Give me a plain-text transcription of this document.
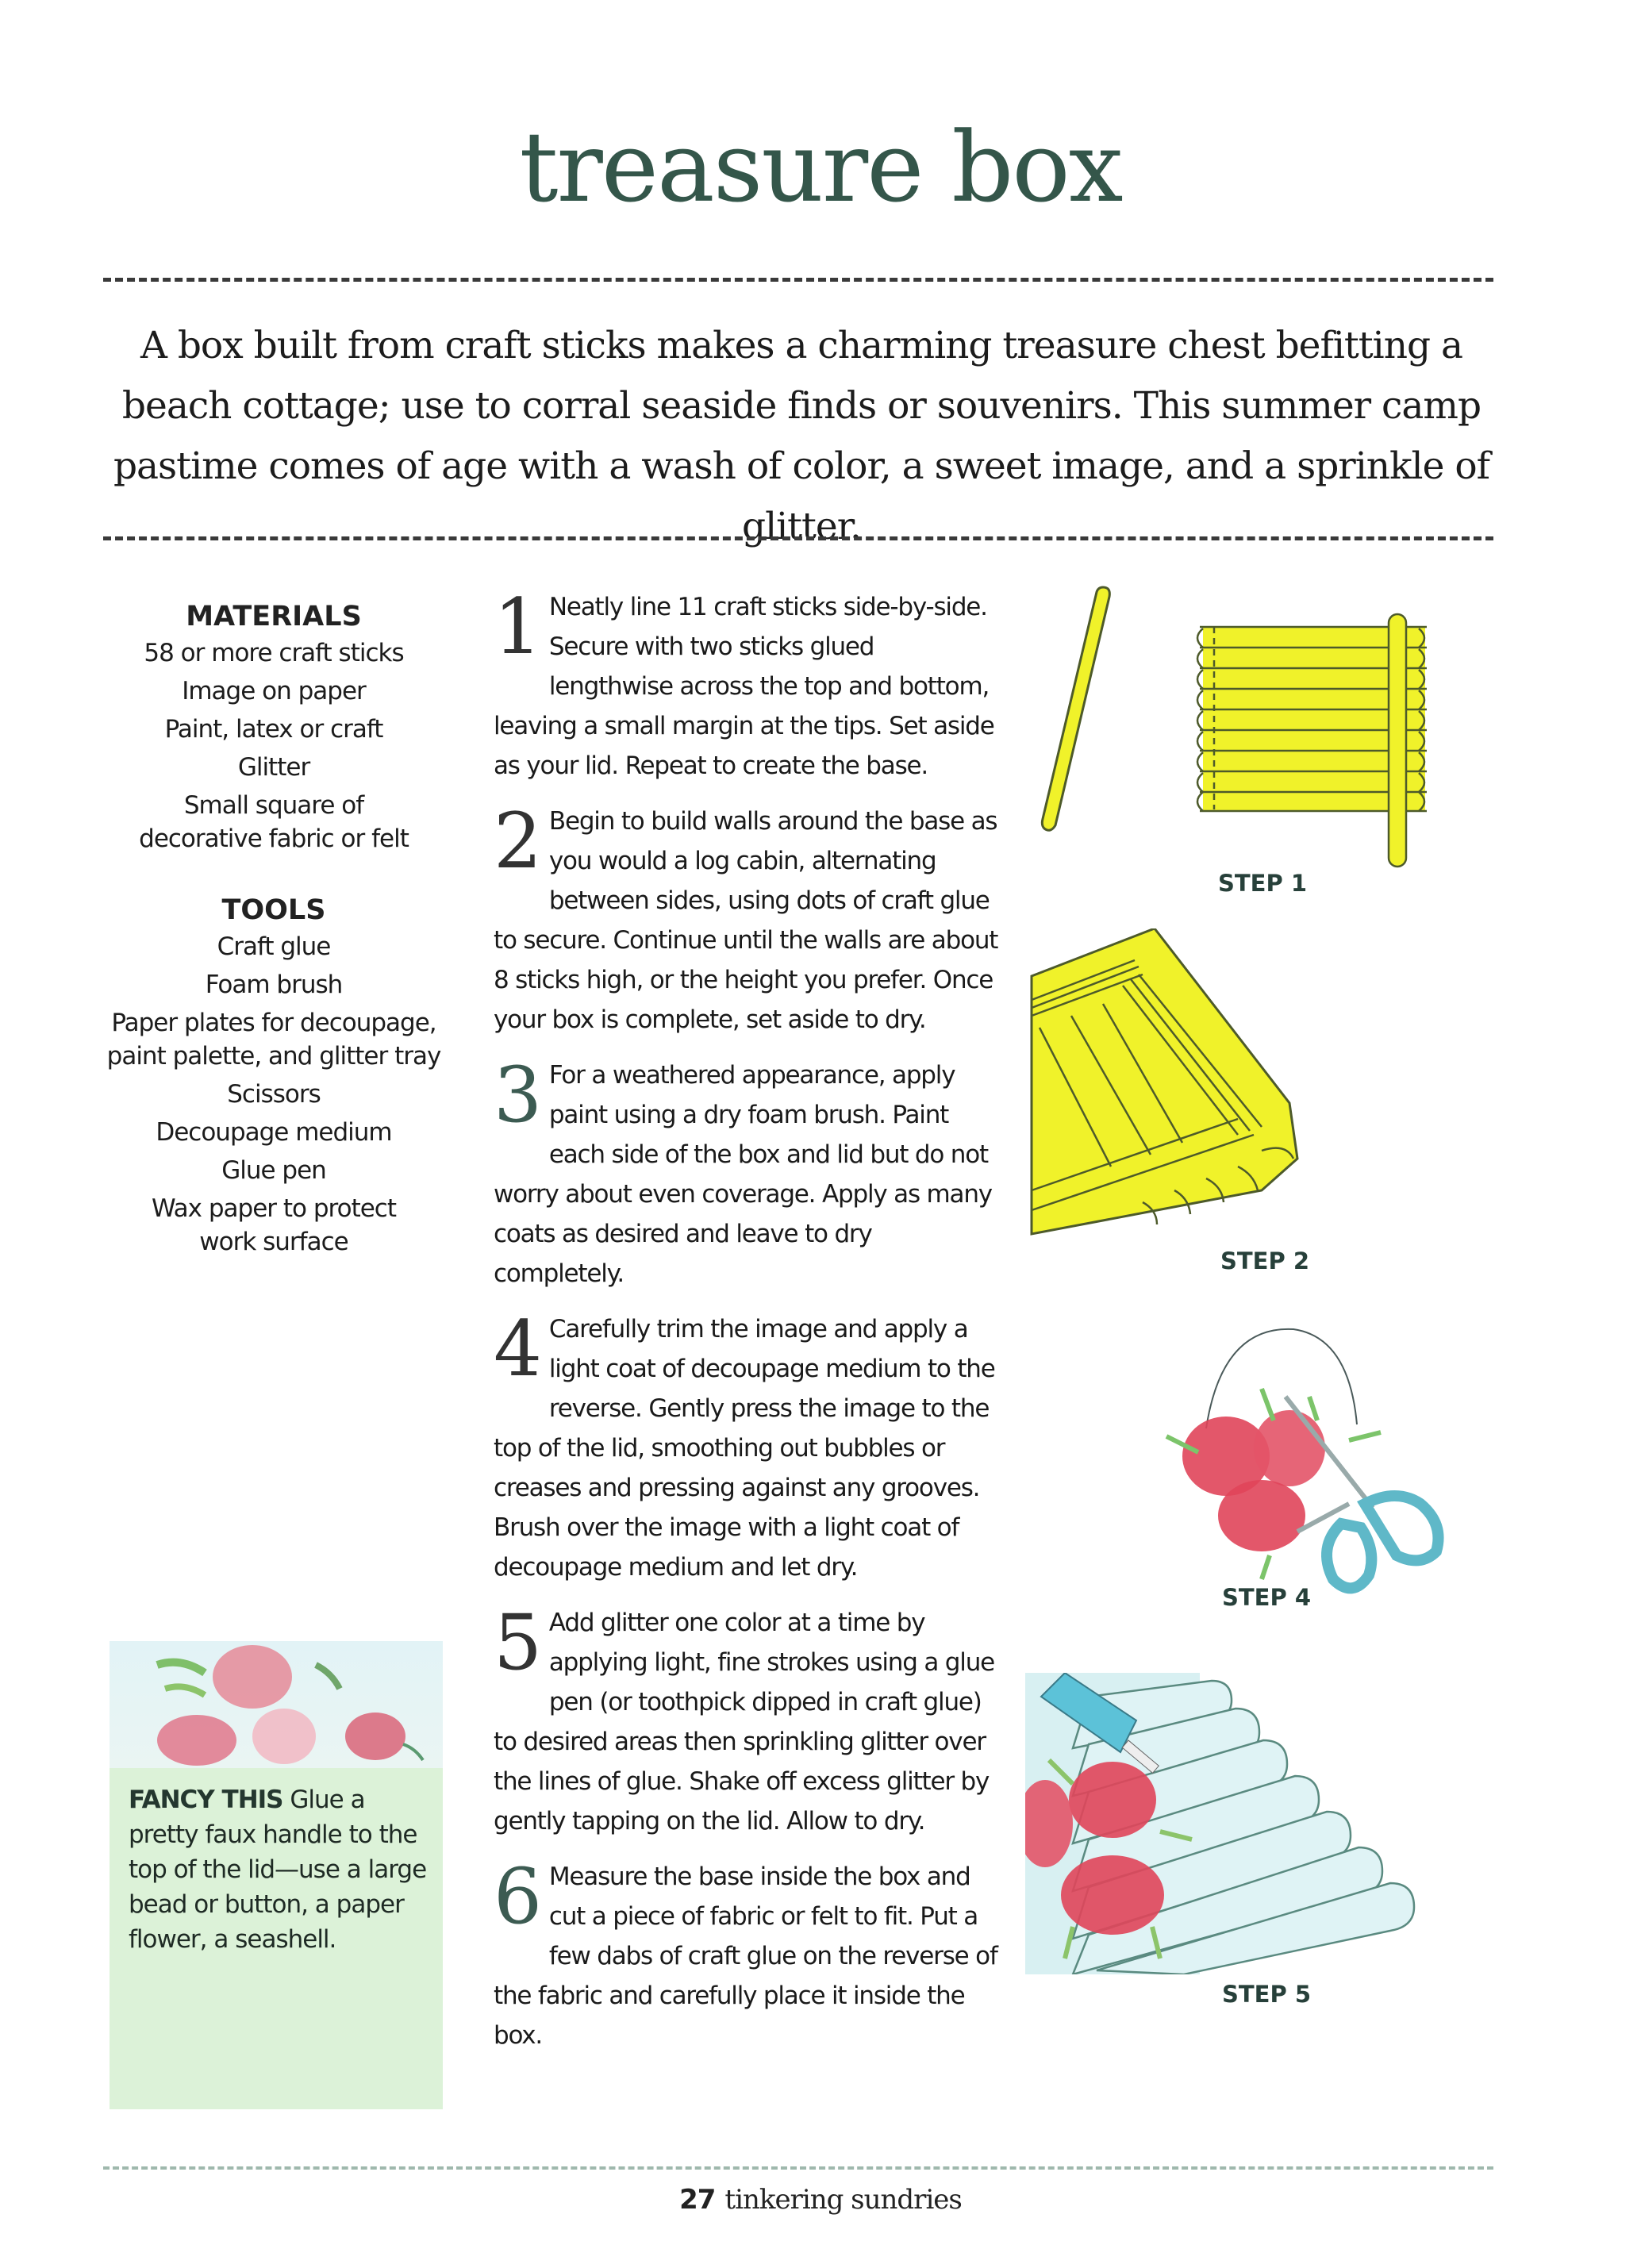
treasure box
A box built from craft sticks makes a charming treasure chest befitting a beach cottage; use to corral seaside finds or souvenirs. This summer camp pastime comes of age with a wash of color, a sweet image, and a sprinkle of glitter.
MATERIALS
58 or more craft sticks
Image on paper
Paint, latex or craft
Glitter
Small square of decorative fabric or felt
TOOLS
Craft glue
Foam brush
Paper plates for decoupage, paint palette, and glitter tray
Scissors
Decoupage medium
Glue pen
Wax paper to protect work surface
FANCY THIS Glue a pretty faux handle to the top of the lid—use a large bead or button, a paper flower, a seashell.
1 Neatly line 11 craft sticks side-by-side. Secure with two sticks glued lengthwise across the top and bottom, leaving a small margin at the tips. Set aside as your lid. Repeat to create the base.
2 Begin to build walls around the base as you would a log cabin, alternating between sides, using dots of craft glue to secure. Continue until the walls are about 8 sticks high, or the height you prefer. Once your box is complete, set aside to dry.
3 For a weathered appearance, apply paint using a dry foam brush. Paint each side of the box and lid but do not worry about even coverage. Apply as many coats as desired and leave to dry completely.
4 Carefully trim the image and apply a light coat of decoupage medium to the reverse. Gently press the image to the top of the lid, smoothing out bubbles or creases and pressing against any grooves. Brush over the image with a light coat of decoupage medium and let dry.
5 Add glitter one color at a time by applying light, fine strokes using a glue pen (or toothpick dipped in craft glue) to desired areas then sprinkling glitter over the lines of glue. Shake off excess glitter by gently tapping on the lid. Allow to dry.
6 Measure the base inside the box and cut a piece of fabric or felt to fit. Put a few dabs of craft glue on the reverse of the fabric and carefully place it inside the box.
STEP 1
STEP 2
STEP 4
STEP 5
27 tinkering sundries
